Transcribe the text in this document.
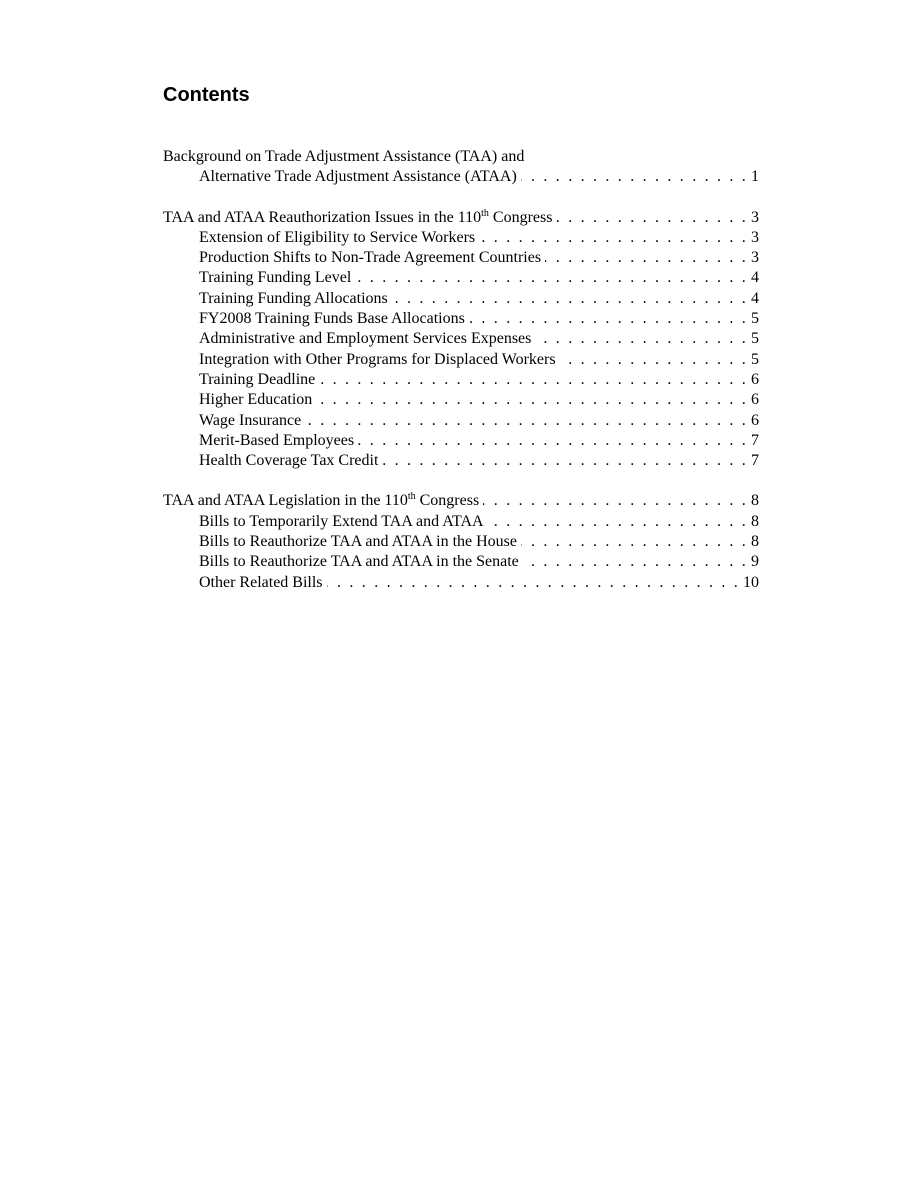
Contents
Background on Trade Adjustment Assistance (TAA) and
Alternative Trade Adjustment Assistance (ATAA) . . .	1
TAA and ATAA Reauthorization Issues in the 110th Congress . . .	3
Extension of Eligibility to Service Workers . . .	3
Production Shifts to Non-Trade Agreement Countries . . .	3
Training Funding Level . . .	4
Training Funding Allocations . . .	4
FY2008 Training Funds Base Allocations . . .	5
Administrative and Employment Services Expenses . . .	5
Integration with Other Programs for Displaced Workers . . .	5
Training Deadline . . .	6
Higher Education . . .	6
Wage Insurance . . .	6
Merit-Based Employees . . .	7
Health Coverage Tax Credit . . .	7
TAA and ATAA Legislation in the 110th Congress . . .	8
Bills to Temporarily Extend TAA and ATAA . . .	8
Bills to Reauthorize TAA and ATAA in the House . . .	8
Bills to Reauthorize TAA and ATAA in the Senate . . .	9
Other Related Bills . . .	10
